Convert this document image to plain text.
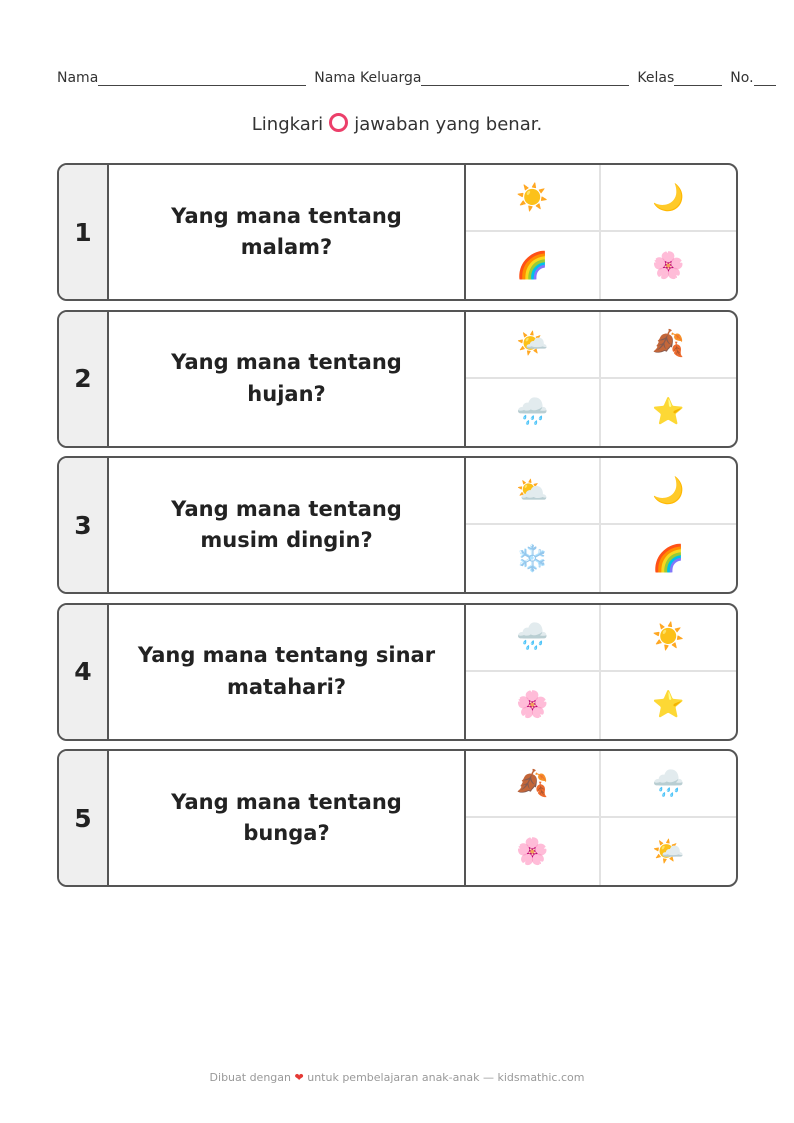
Nama	Nama Keluarga	Kelas	No.
Lingkari jawaban yang benar.
1
Yang mana tentang malam?
☀️	🌙
🌈	🌸
2
Yang mana tentang hujan?
🌤️	🍂
🌧️	⭐
3
Yang mana tentang musim dingin?
⛅	🌙
❄️	🌈
4
Yang mana tentang sinar matahari?
🌧️	☀️
🌸	⭐
5
Yang mana tentang bunga?
🍂	🌧️
🌸	🌤️
Dibuat dengan ❤ untuk pembelajaran anak-anak — kidsmathic.com
